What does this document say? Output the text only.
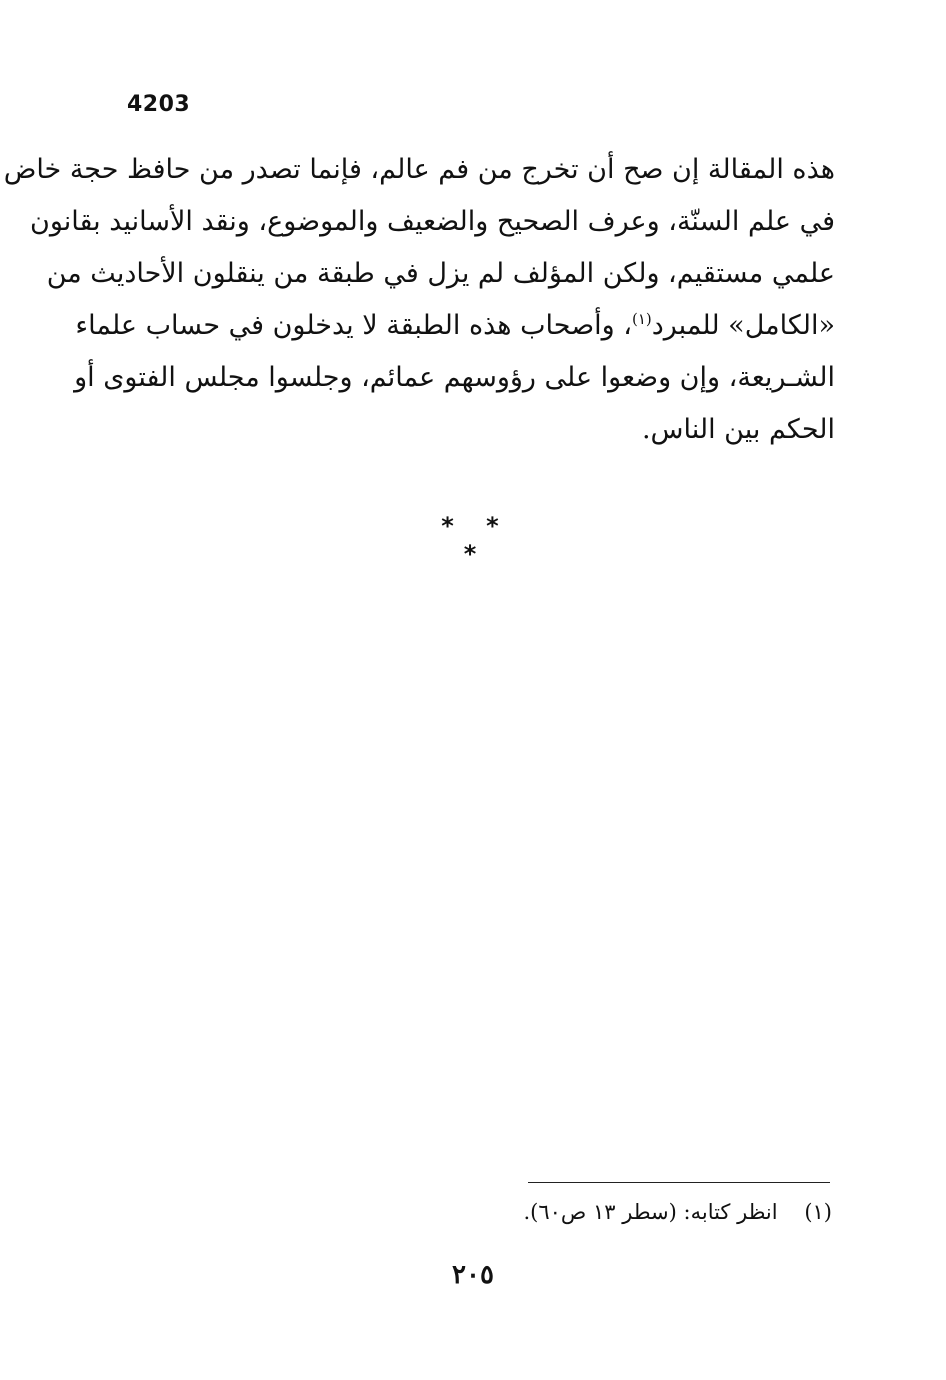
4203
هذه المقالة إن صح أن تخرج من فم عالم، فإنما تصدر من حافظ حجة خاض
في علم السنّة، وعرف الصحيح والضعيف والموضوع، ونقد الأسانيد بقانون
علمي مستقيم، ولكن المؤلف لم يزل في طبقة من ينقلون الأحاديث من
«الكامل» للمبرد$^{(١)}$، وأصحاب هذه الطبقة لا يدخلون في حساب علماء
الشـريعة، وإن وضعوا على رؤوسهم عمائم، وجلسوا مجلس الفتوى أو
الحكم بين الناس.
* * *
(١)    انظر كتابه: (سطر ١٣ ص٦٠).
٢٠٥
